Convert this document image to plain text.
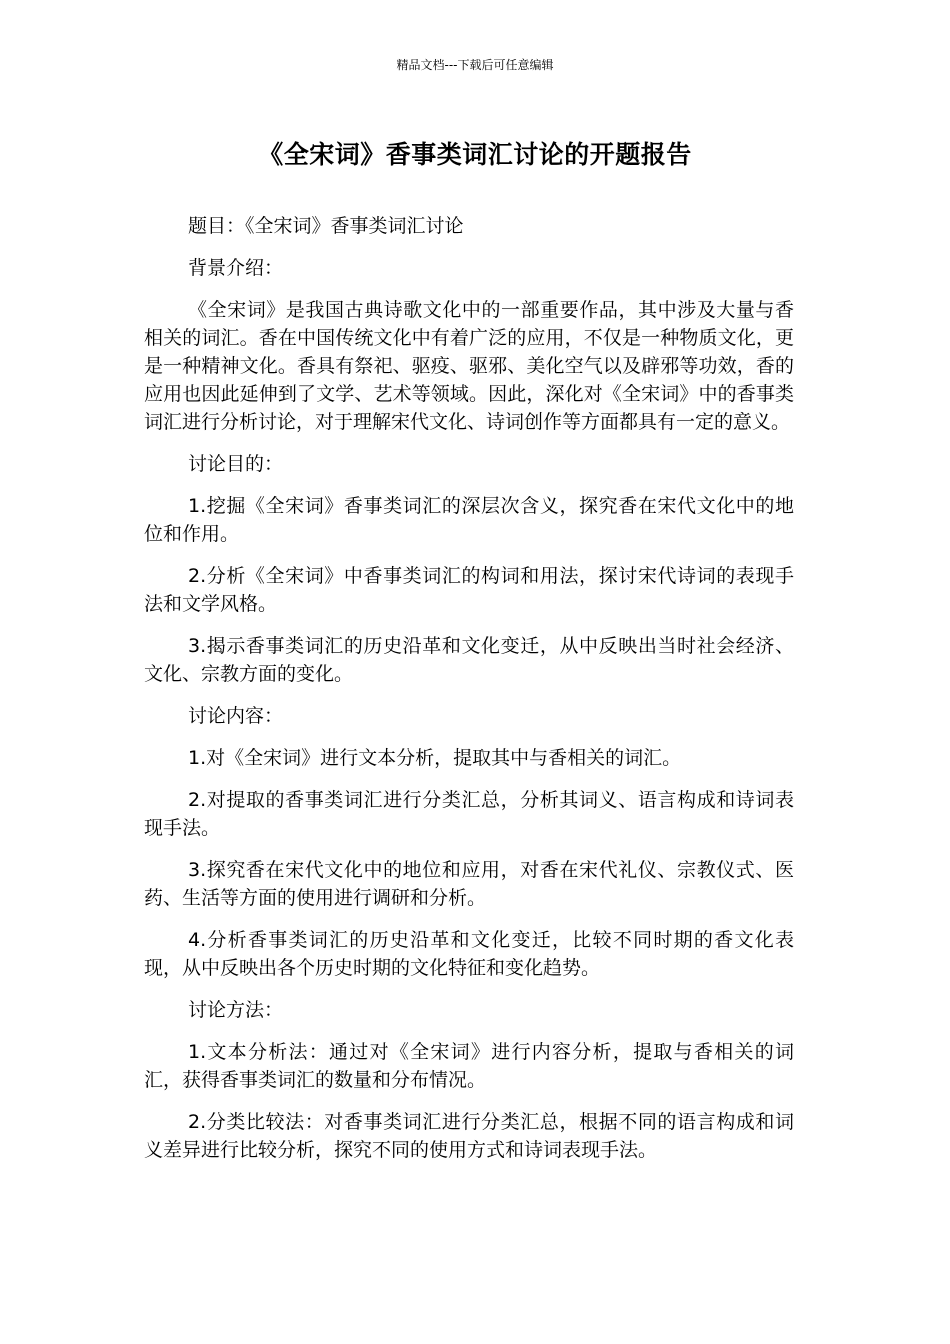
精品文档---下载后可任意编辑
《全宋词》香事类词汇讨论的开题报告

题目：《全宋词》香事类词汇讨论

背景介绍：

《全宋词》是我国古典诗歌文化中的一部重要作品，其中涉及大量与香相关的词汇。香在中国传统文化中有着广泛的应用，不仅是一种物质文化，更是一种精神文化。香具有祭祀、驱疫、驱邪、美化空气以及辟邪等功效，香的应用也因此延伸到了文学、艺术等领域。因此，深化对《全宋词》中的香事类词汇进行分析讨论，对于理解宋代文化、诗词创作等方面都具有一定的意义。

讨论目的：

1.挖掘《全宋词》香事类词汇的深层次含义，探究香在宋代文化中的地位和作用。

2.分析《全宋词》中香事类词汇的构词和用法，探讨宋代诗词的表现手法和文学风格。

3.揭示香事类词汇的历史沿革和文化变迁，从中反映出当时社会经济、文化、宗教方面的变化。

讨论内容：

1.对《全宋词》进行文本分析，提取其中与香相关的词汇。

2.对提取的香事类词汇进行分类汇总，分析其词义、语言构成和诗词表现手法。

3.探究香在宋代文化中的地位和应用，对香在宋代礼仪、宗教仪式、医药、生活等方面的使用进行调研和分析。

4.分析香事类词汇的历史沿革和文化变迁，比较不同时期的香文化表现，从中反映出各个历史时期的文化特征和变化趋势。

讨论方法：

1.文本分析法：通过对《全宋词》进行内容分析，提取与香相关的词汇，获得香事类词汇的数量和分布情况。

2.分类比较法：对香事类词汇进行分类汇总，根据不同的语言构成和词义差异进行比较分析，探究不同的使用方式和诗词表现手法。
